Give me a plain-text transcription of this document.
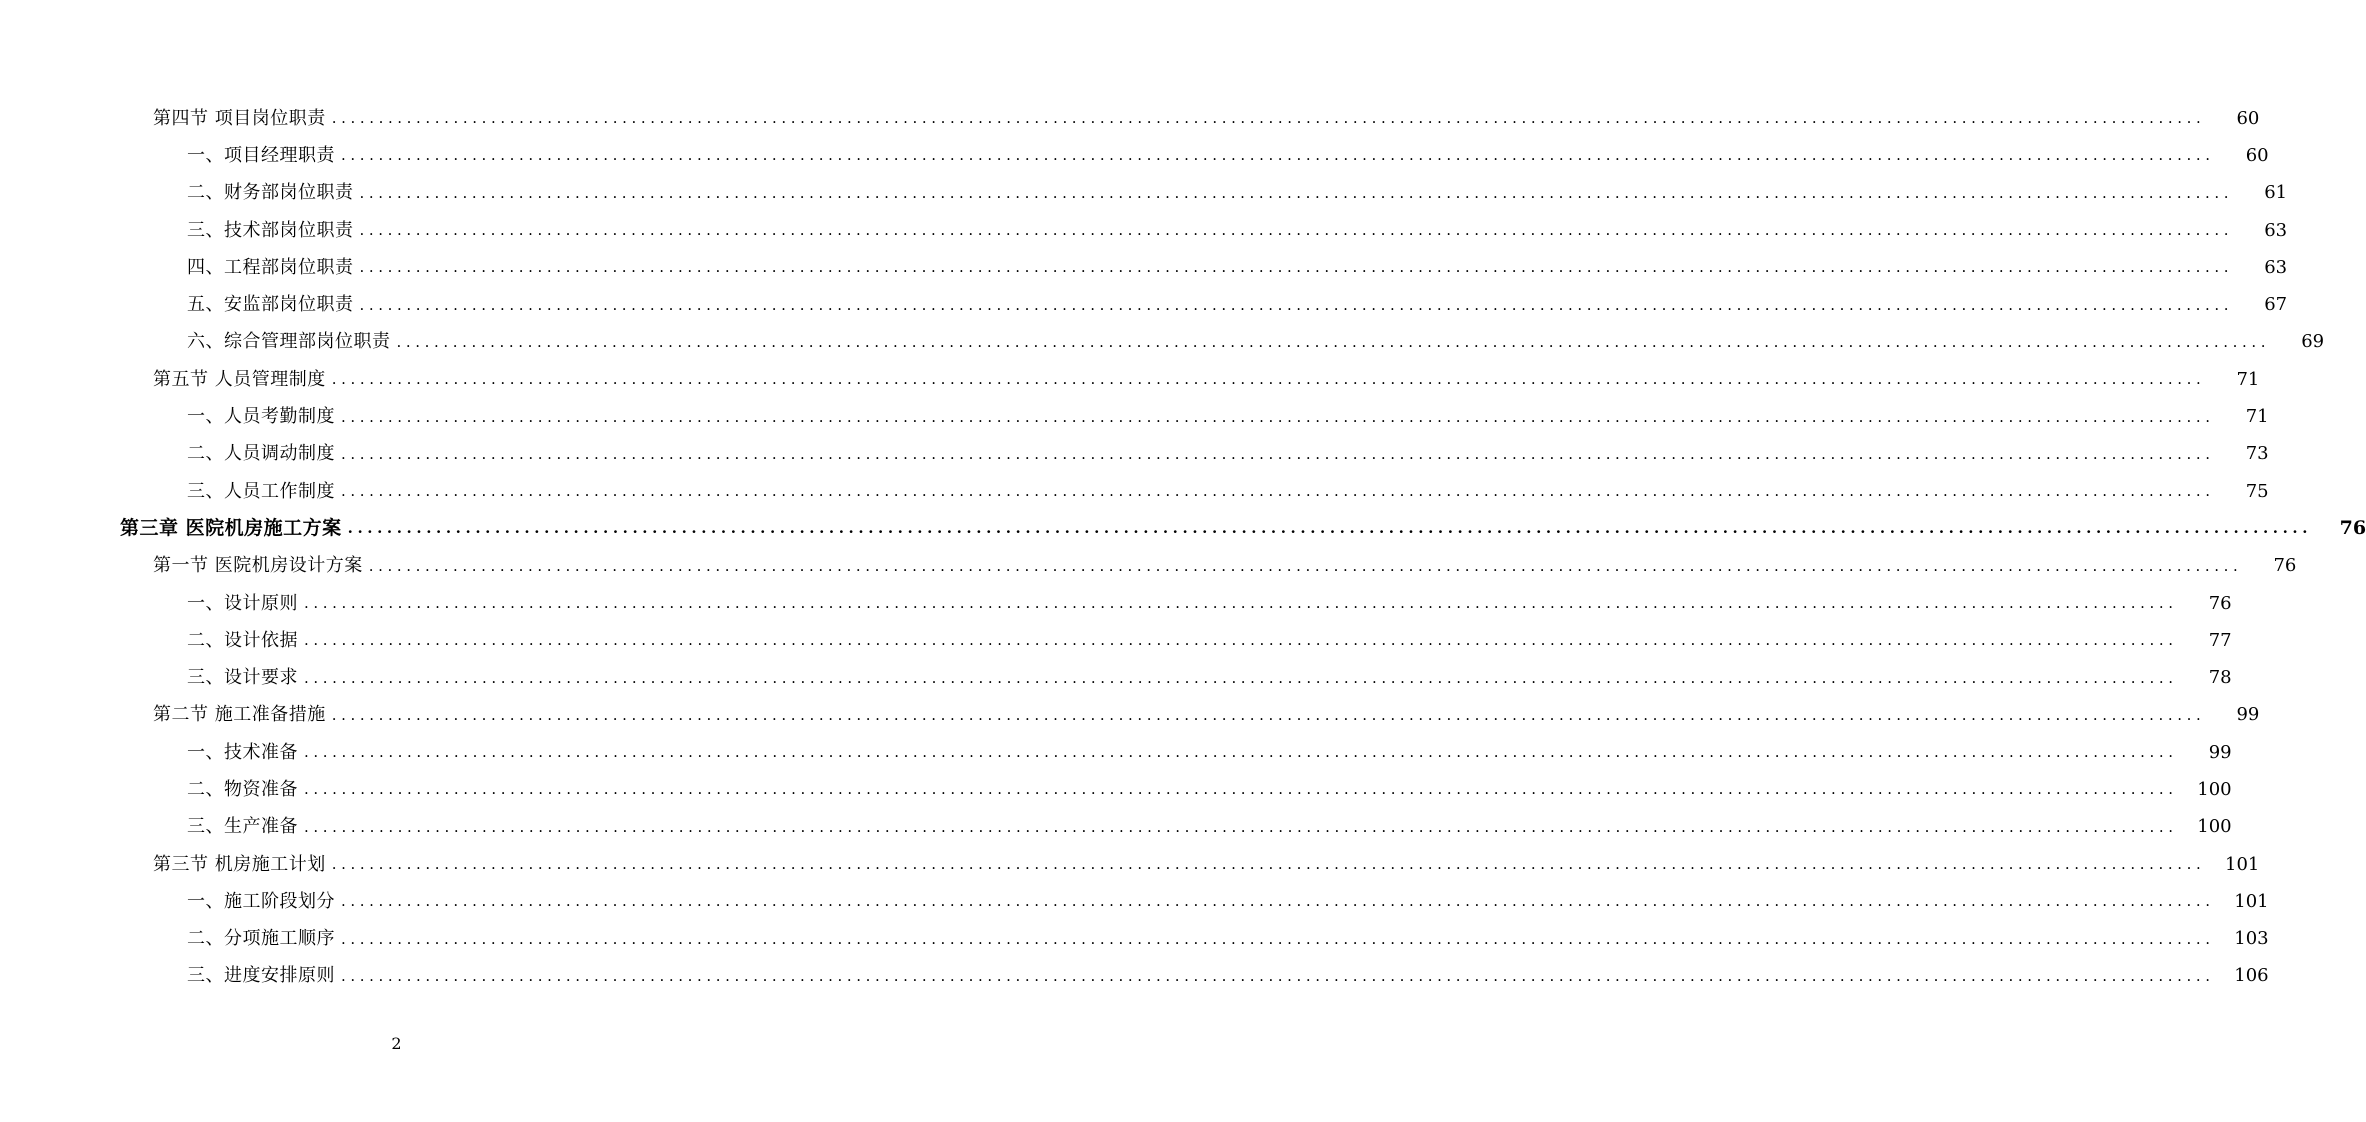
第四节 项目岗位职责 ........................................................................................................................................................................................................	60
一、项目经理职责 ........................................................................................................................................................................................................	60
二、财务部岗位职责 ........................................................................................................................................................................................................	61
三、技术部岗位职责 ........................................................................................................................................................................................................	63
四、工程部岗位职责 ........................................................................................................................................................................................................	63
五、安监部岗位职责 ........................................................................................................................................................................................................	67
六、综合管理部岗位职责 ........................................................................................................................................................................................................	69
第五节 人员管理制度 ........................................................................................................................................................................................................	71
一、人员考勤制度 ........................................................................................................................................................................................................	71
二、人员调动制度 ........................................................................................................................................................................................................	73
三、人员工作制度 ........................................................................................................................................................................................................	75
第三章 医院机房施工方案 ........................................................................................................................................................................................................	76
第一节 医院机房设计方案 ........................................................................................................................................................................................................	76
一、设计原则 ........................................................................................................................................................................................................	76
二、设计依据 ........................................................................................................................................................................................................	77
三、设计要求 ........................................................................................................................................................................................................	78
第二节 施工准备措施 ........................................................................................................................................................................................................	99
一、技术准备 ........................................................................................................................................................................................................	99
二、物资准备 ........................................................................................................................................................................................................	100
三、生产准备 ........................................................................................................................................................................................................	100
第三节 机房施工计划 ........................................................................................................................................................................................................	101
一、施工阶段划分 ........................................................................................................................................................................................................	101
二、分项施工顺序 ........................................................................................................................................................................................................	103
三、进度安排原则 ........................................................................................................................................................................................................	106
2
